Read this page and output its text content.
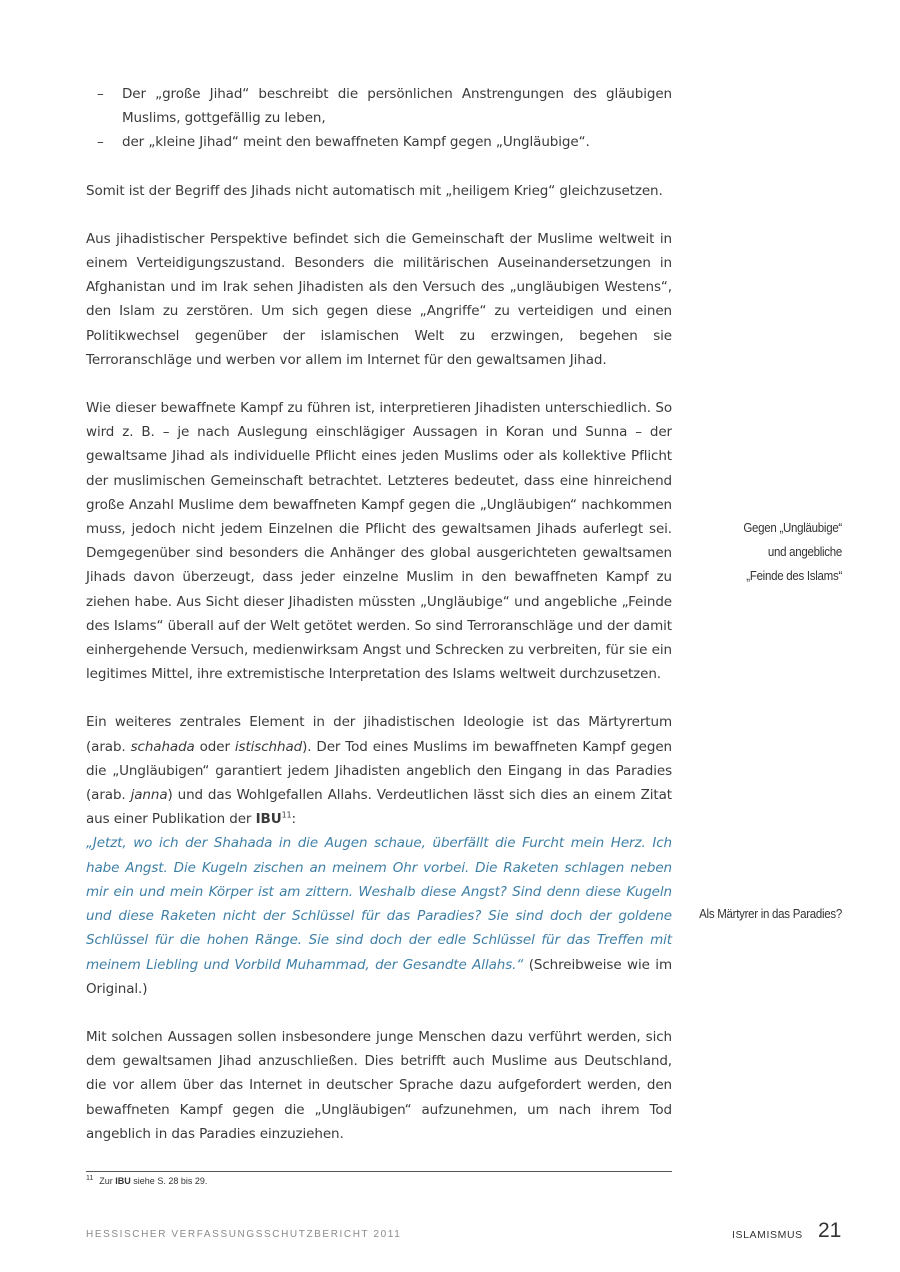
– Der „große Jihad“ beschreibt die persönlichen Anstrengungen des gläubigen Muslims, gottgefällig zu leben,
– der „kleine Jihad“ meint den bewaffneten Kampf gegen „Ungläubige“.

Somit ist der Begriff des Jihads nicht automatisch mit „heiligem Krieg“ gleichzusetzen.

Aus jihadistischer Perspektive befindet sich die Gemeinschaft der Muslime weltweit in einem Verteidigungszustand. Besonders die militärischen Auseinandersetzungen in Afghanistan und im Irak sehen Jihadisten als den Versuch des „ungläubigen Westens“, den Islam zu zerstören. Um sich gegen diese „Angriffe“ zu verteidigen und einen Politikwechsel gegenüber der islamischen Welt zu erzwingen, begehen sie Terroranschläge und werben vor allem im Internet für den gewaltsamen Jihad.

Wie dieser bewaffnete Kampf zu führen ist, interpretieren Jihadisten unterschiedlich. So wird z. B. – je nach Auslegung einschlägiger Aussagen in Koran und Sunna – der gewaltsame Jihad als individuelle Pflicht eines jeden Muslims oder als kollektive Pflicht der muslimischen Gemeinschaft betrachtet. Letzteres bedeutet, dass eine hinreichend große Anzahl Muslime dem bewaffneten Kampf gegen die „Ungläubigen“ nachkommen muss, jedoch nicht jedem Einzelnen die Pflicht des gewaltsamen Jihads auferlegt sei. Demgegenüber sind besonders die Anhänger des global ausgerichteten gewaltsamen Jihads davon überzeugt, dass jeder einzelne Muslim in den bewaffneten Kampf zu ziehen habe. Aus Sicht dieser Jihadisten müssten „Ungläubige“ und angebliche „Feinde des Islams“ überall auf der Welt getötet werden. So sind Terroranschläge und der damit einhergehende Versuch, medienwirksam Angst und Schrecken zu verbreiten, für sie ein legitimes Mittel, ihre extremistische Interpretation des Islams weltweit durchzusetzen.

Ein weiteres zentrales Element in der jihadistischen Ideologie ist das Märtyrertum (arab. schahada oder istischhad). Der Tod eines Muslims im bewaffneten Kampf gegen die „Ungläubigen“ garantiert jedem Jihadisten angeblich den Eingang in das Paradies (arab. janna) und das Wohlgefallen Allahs. Verdeutlichen lässt sich dies an einem Zitat aus einer Publikation der IBU$^{11}$:
„Jetzt, wo ich der Shahada in die Augen schaue, überfällt die Furcht mein Herz. Ich habe Angst. Die Kugeln zischen an meinem Ohr vorbei. Die Raketen schlagen neben mir ein und mein Körper ist am zittern. Weshalb diese Angst? Sind denn diese Kugeln und diese Raketen nicht der Schlüssel für das Paradies? Sie sind doch der goldene Schlüssel für die hohen Ränge. Sie sind doch der edle Schlüssel für das Treffen mit meinem Liebling und Vorbild Muhammad, der Gesandte Allahs.“ (Schreibweise wie im Original.)

Mit solchen Aussagen sollen insbesondere junge Menschen dazu verführt werden, sich dem gewaltsamen Jihad anzuschließen. Dies betrifft auch Muslime aus Deutschland, die vor allem über das Internet in deutscher Sprache dazu aufgefordert werden, den bewaffneten Kampf gegen die „Ungläubigen“ aufzunehmen, um nach ihrem Tod angeblich in das Paradies einzuziehen.

Gegen „Ungläubige“
und angebliche
„Feinde des Islams“
Als Märtyrer in das Paradies?
$^{11}$ Zur IBU siehe S. 28 bis 29.
HESSISCHER VERFASSUNGSSCHUTZBERICHT 2011	ISLAMISMUS 21
